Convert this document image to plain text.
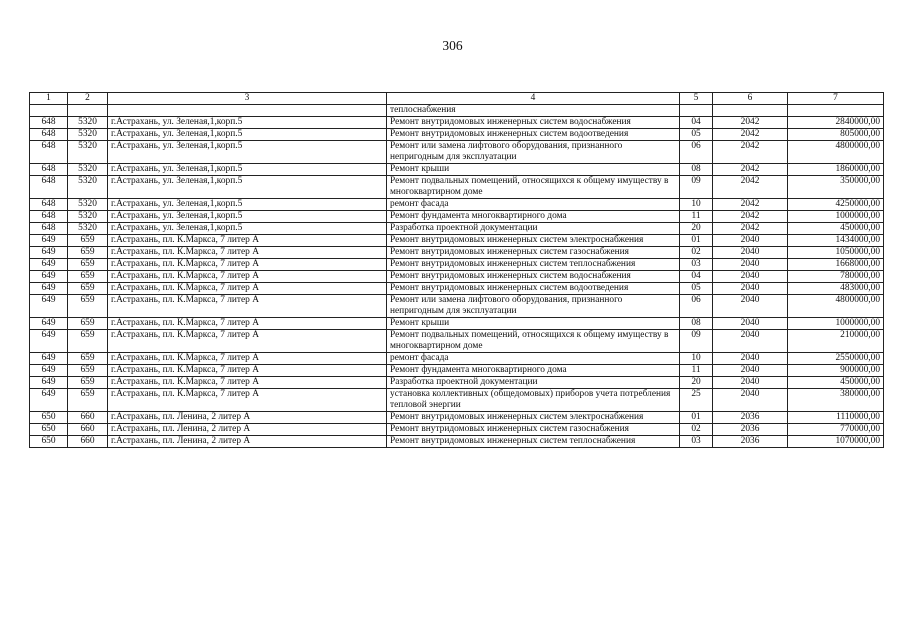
306
1	2	3	4	5	6	7
			теплоснабжения			
648	5320	г.Астрахань, ул. Зеленая,1,корп.5	Ремонт внутридомовых инженерных систем водоснабжения	04	2042	2840000,00
648	5320	г.Астрахань, ул. Зеленая,1,корп.5	Ремонт внутридомовых инженерных систем водоотведения	05	2042	805000,00
648	5320	г.Астрахань, ул. Зеленая,1,корп.5	Ремонт или замена лифтового оборудования, признанного непригодным для эксплуатации	06	2042	4800000,00
648	5320	г.Астрахань, ул. Зеленая,1,корп.5	Ремонт крыши	08	2042	1860000,00
648	5320	г.Астрахань, ул. Зеленая,1,корп.5	Ремонт подвальных помещений, относящихся к общему имуществу в многоквартирном доме	09	2042	350000,00
648	5320	г.Астрахань, ул. Зеленая,1,корп.5	ремонт фасада	10	2042	4250000,00
648	5320	г.Астрахань, ул. Зеленая,1,корп.5	Ремонт фундамента многоквартирного дома	11	2042	1000000,00
648	5320	г.Астрахань, ул. Зеленая,1,корп.5	Разработка проектной документации	20	2042	450000,00
649	659	г.Астрахань, пл. К.Маркса, 7 литер А	Ремонт внутридомовых инженерных систем электроснабжения	01	2040	1434000,00
649	659	г.Астрахань, пл. К.Маркса, 7 литер А	Ремонт внутридомовых инженерных систем газоснабжения	02	2040	1050000,00
649	659	г.Астрахань, пл. К.Маркса, 7 литер А	Ремонт внутридомовых инженерных систем теплоснабжения	03	2040	1668000,00
649	659	г.Астрахань, пл. К.Маркса, 7 литер А	Ремонт внутридомовых инженерных систем водоснабжения	04	2040	780000,00
649	659	г.Астрахань, пл. К.Маркса, 7 литер А	Ремонт внутридомовых инженерных систем водоотведения	05	2040	483000,00
649	659	г.Астрахань, пл. К.Маркса, 7 литер А	Ремонт или замена лифтового оборудования, признанного непригодным для эксплуатации	06	2040	4800000,00
649	659	г.Астрахань, пл. К.Маркса, 7 литер А	Ремонт крыши	08	2040	1000000,00
649	659	г.Астрахань, пл. К.Маркса, 7 литер А	Ремонт подвальных помещений, относящихся к общему имуществу в многоквартирном доме	09	2040	210000,00
649	659	г.Астрахань, пл. К.Маркса, 7 литер А	ремонт фасада	10	2040	2550000,00
649	659	г.Астрахань, пл. К.Маркса, 7 литер А	Ремонт фундамента многоквартирного дома	11	2040	900000,00
649	659	г.Астрахань, пл. К.Маркса, 7 литер А	Разработка проектной документации	20	2040	450000,00
649	659	г.Астрахань, пл. К.Маркса, 7 литер А	установка коллективных (общедомовых) приборов учета потребления тепловой энергии	25	2040	380000,00
650	660	г.Астрахань, пл. Ленина, 2 литер А	Ремонт внутридомовых инженерных систем электроснабжения	01	2036	1110000,00
650	660	г.Астрахань, пл. Ленина, 2 литер А	Ремонт внутридомовых инженерных систем газоснабжения	02	2036	770000,00
650	660	г.Астрахань, пл. Ленина, 2 литер А	Ремонт внутридомовых инженерных систем теплоснабжения	03	2036	1070000,00
